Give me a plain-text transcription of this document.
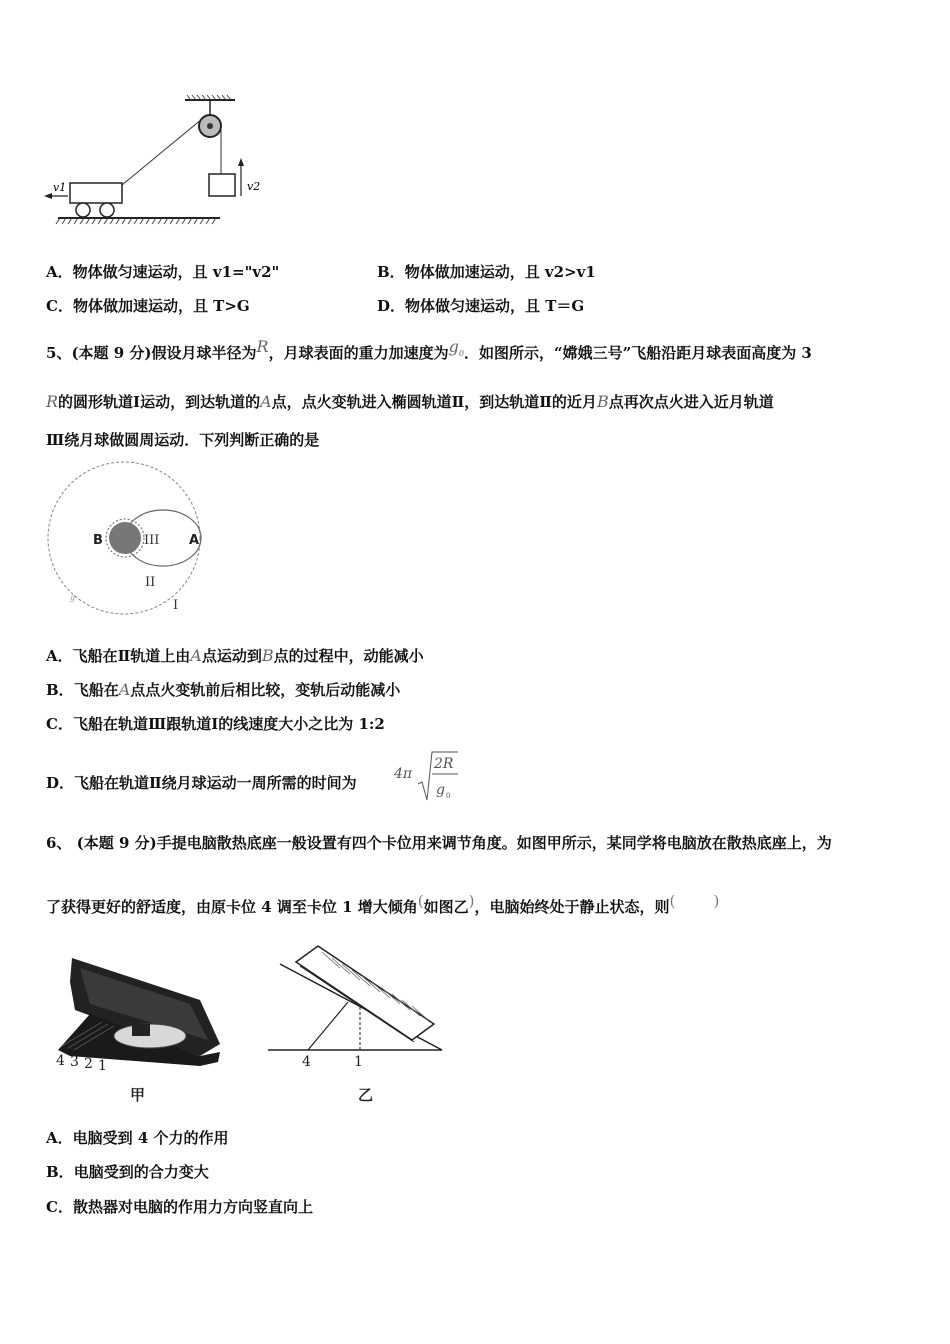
v2
v1
A．物体做匀速运动，且 v1="v2"	B．物体做加速运动，且 v2>v1
C．物体做加速运动，且 T>G	D．物体做匀速运动，且 T＝G
5、(本题 9 分)假设月球半径为R，月球表面的重力加速度为$g_0$．如图所示，“嫦娥三号”飞船沿距月球表面高度为 3
R的圆形轨道Ⅰ运动，到达轨道的A点，点火变轨进入椭圆轨道Ⅱ，到达轨道Ⅱ的近月B点再次点火进入近月轨道
Ⅲ绕月球做圆周运动．下列判断正确的是
B	III A
II
I
g
A．飞船在Ⅱ轨道上由A点运动到B点的过程中，动能减小
B．飞船在A点点火变轨前后相比较，变轨后动能减小
C．飞船在轨道Ⅲ跟轨道Ⅰ的线速度大小之比为 1:2
D．飞船在轨道Ⅱ绕月球运动一周所需的时间为	4π
2R
g 0
6、 (本题 9 分)手提电脑散热底座一般设置有四个卡位用来调节角度。如图甲所示，某同学将电脑放在散热底座上，为
了获得更好的舒适度，由原卡位 4 调至卡位 1 增大倾角(如图乙)，电脑始终处于静止状态，则(        )
4 3 2 1
甲
4	1
乙
A．电脑受到 4 个力的作用
B．电脑受到的合力变大
C．散热器对电脑的作用力方向竖直向上
